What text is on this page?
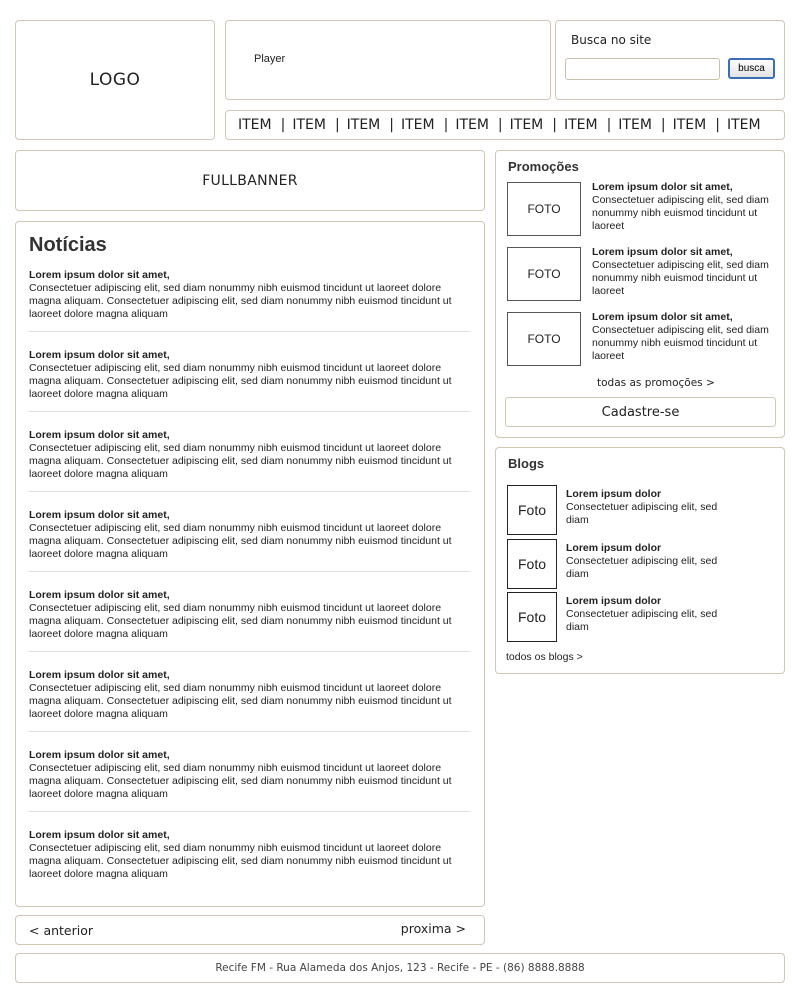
LOGO
Player
Busca no site
busca
ITEM | ITEM | ITEM | ITEM | ITEM | ITEM | ITEM | ITEM | ITEM | ITEM
FULLBANNER
Notícias
Lorem ipsum dolor sit amet,

Consectetuer adipiscing elit, sed diam nonummy nibh euismod tincidunt ut laoreet dolore magna aliquam. Consectetuer adipiscing elit, sed diam nonummy nibh euismod tincidunt ut laoreet dolore magna aliquam

Lorem ipsum dolor sit amet,

Consectetuer adipiscing elit, sed diam nonummy nibh euismod tincidunt ut laoreet dolore magna aliquam. Consectetuer adipiscing elit, sed diam nonummy nibh euismod tincidunt ut laoreet dolore magna aliquam

Lorem ipsum dolor sit amet,

Consectetuer adipiscing elit, sed diam nonummy nibh euismod tincidunt ut laoreet dolore magna aliquam. Consectetuer adipiscing elit, sed diam nonummy nibh euismod tincidunt ut laoreet dolore magna aliquam

Lorem ipsum dolor sit amet,

Consectetuer adipiscing elit, sed diam nonummy nibh euismod tincidunt ut laoreet dolore magna aliquam. Consectetuer adipiscing elit, sed diam nonummy nibh euismod tincidunt ut laoreet dolore magna aliquam

Lorem ipsum dolor sit amet,

Consectetuer adipiscing elit, sed diam nonummy nibh euismod tincidunt ut laoreet dolore magna aliquam. Consectetuer adipiscing elit, sed diam nonummy nibh euismod tincidunt ut laoreet dolore magna aliquam

Lorem ipsum dolor sit amet,

Consectetuer adipiscing elit, sed diam nonummy nibh euismod tincidunt ut laoreet dolore magna aliquam. Consectetuer adipiscing elit, sed diam nonummy nibh euismod tincidunt ut laoreet dolore magna aliquam

Lorem ipsum dolor sit amet,

Consectetuer adipiscing elit, sed diam nonummy nibh euismod tincidunt ut laoreet dolore magna aliquam. Consectetuer adipiscing elit, sed diam nonummy nibh euismod tincidunt ut laoreet dolore magna aliquam

Lorem ipsum dolor sit amet,

Consectetuer adipiscing elit, sed diam nonummy nibh euismod tincidunt ut laoreet dolore magna aliquam. Consectetuer adipiscing elit, sed diam nonummy nibh euismod tincidunt ut laoreet dolore magna aliquam

< anterior	proxima >
Promoções
FOTO
Lorem ipsum dolor sit amet,
Consectetuer adipiscing elit, sed diam nonummy nibh euismod tincidunt ut laoreet
FOTO
Lorem ipsum dolor sit amet,
Consectetuer adipiscing elit, sed diam nonummy nibh euismod tincidunt ut laoreet
FOTO
Lorem ipsum dolor sit amet,
Consectetuer adipiscing elit, sed diam nonummy nibh euismod tincidunt ut laoreet
todas as promoções >
Cadastre-se
Blogs
Foto
Lorem ipsum dolor
Consectetuer adipiscing elit, sed diam
Foto
Lorem ipsum dolor
Consectetuer adipiscing elit, sed diam
Foto
Lorem ipsum dolor
Consectetuer adipiscing elit, sed diam
todos os blogs >
Recife FM - Rua Alameda dos Anjos, 123 - Recife - PE - (86) 8888.8888
